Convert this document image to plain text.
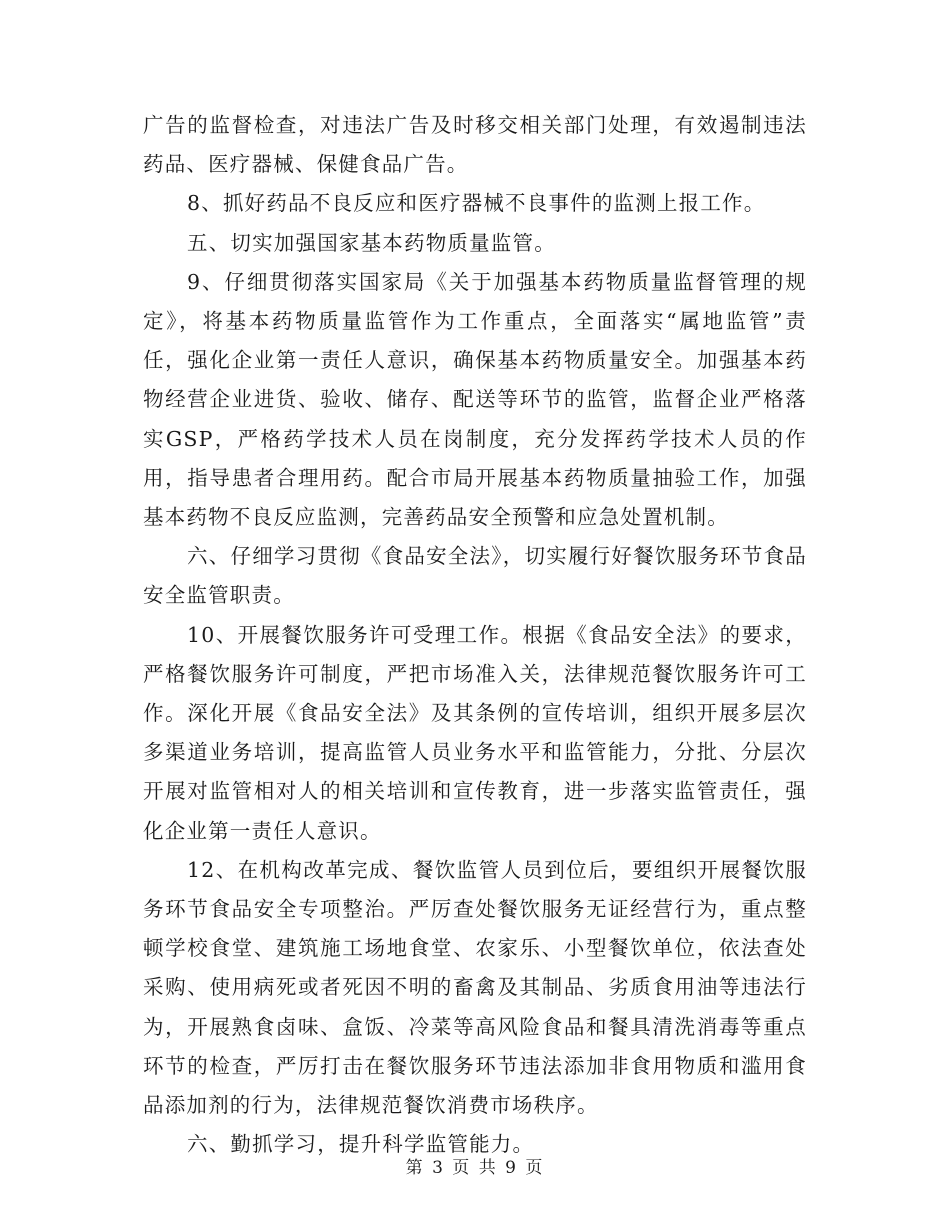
广告的监督检查，对违法广告及时移交相关部门处理，有效遏制违法药品、医疗器械、保健食品广告。

8、抓好药品不良反应和医疗器械不良事件的监测上报工作。

五、切实加强国家基本药物质量监管。

9、仔细贯彻落实国家局《关于加强基本药物质量监督管理的规定》，将基本药物质量监管作为工作重点，全面落实“属地监管”责任，强化企业第一责任人意识，确保基本药物质量安全。加强基本药物经营企业进货、验收、储存、配送等环节的监管，监督企业严格落实GSP，严格药学技术人员在岗制度，充分发挥药学技术人员的作用，指导患者合理用药。配合市局开展基本药物质量抽验工作，加强基本药物不良反应监测，完善药品安全预警和应急处置机制。

六、仔细学习贯彻《食品安全法》，切实履行好餐饮服务环节食品安全监管职责。

10、开展餐饮服务许可受理工作。根据《食品安全法》的要求，严格餐饮服务许可制度，严把市场准入关，法律规范餐饮服务许可工作。深化开展《食品安全法》及其条例的宣传培训，组织开展多层次多渠道业务培训，提高监管人员业务水平和监管能力，分批、分层次开展对监管相对人的相关培训和宣传教育，进一步落实监管责任，强化企业第一责任人意识。

12、在机构改革完成、餐饮监管人员到位后，要组织开展餐饮服务环节食品安全专项整治。严厉查处餐饮服务无证经营行为，重点整顿学校食堂、建筑施工场地食堂、农家乐、小型餐饮单位，依法查处采购、使用病死或者死因不明的畜禽及其制品、劣质食用油等违法行为，开展熟食卤味、盒饭、冷菜等高风险食品和餐具清洗消毒等重点环节的检查，严厉打击在餐饮服务环节违法添加非食用物质和滥用食品添加剂的行为，法律规范餐饮消费市场秩序。

六、勤抓学习，提升科学监管能力。

第 3 页 共 9 页
